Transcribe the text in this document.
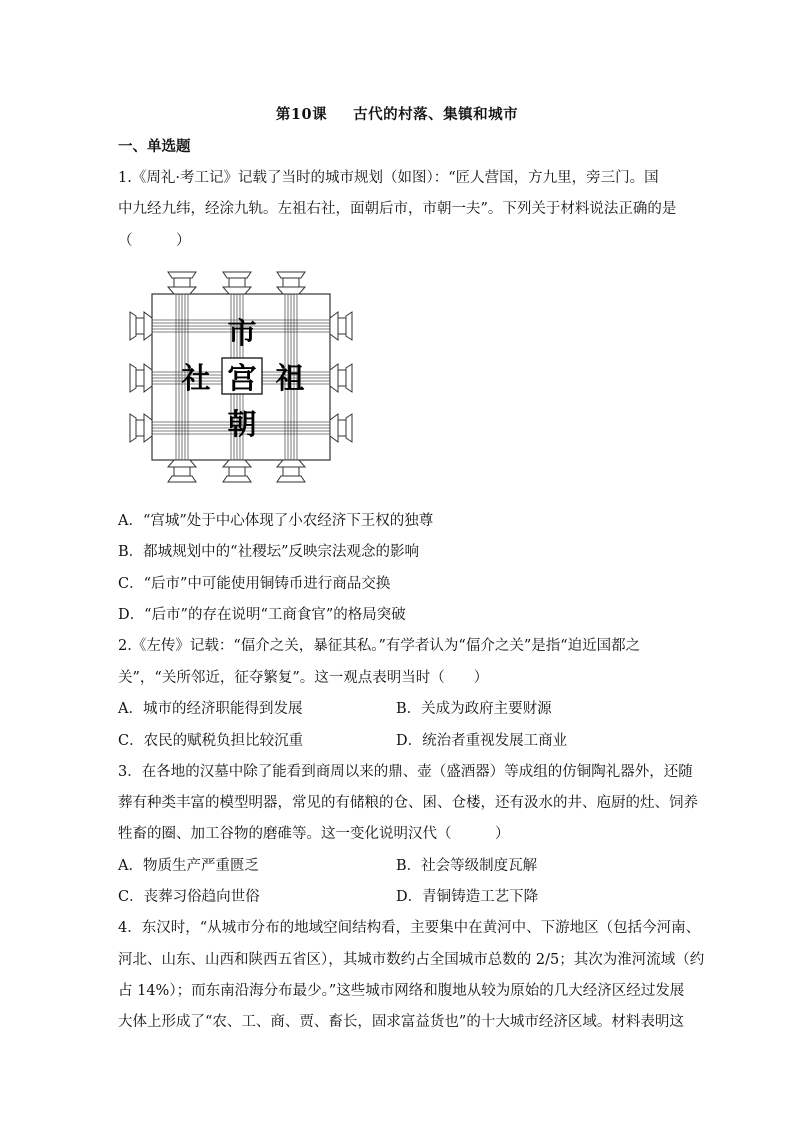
第10课 古代的村落、集镇和城市
一、单选题
1.《周礼·考工记》记载了当时的城市规划（如图）：“匠人营国，方九里，旁三门。国
中九经九纬，经涂九轨。左祖右社，面朝后市，市朝一夫”。下列关于材料说法正确的是
（　　　）
市
社 宫 祖
朝
A．“宫城”处于中心体现了小农经济下王权的独尊
B．都城规划中的“社稷坛”反映宗法观念的影响
C．“后市”中可能使用铜铸币进行商品交换
D．“后市”的存在说明“工商食官”的格局突破
2.《左传》记载：“偪介之关，暴征其私。”有学者认为“偪介之关”是指“迫近国都之
关”，“关所邻近，征夺繁复”。这一观点表明当时（　　）
A．城市的经济职能得到发展	B．关成为政府主要财源
C．农民的赋税负担比较沉重	D．统治者重视发展工商业
3．在各地的汉墓中除了能看到商周以来的鼎、壶（盛酒器）等成组的仿铜陶礼器外，还随
葬有种类丰富的模型明器，常见的有储粮的仓、囷、仓楼，还有汲水的井、庖厨的灶、饲养
牲畜的圈、加工谷物的磨碓等。这一变化说明汉代（　　　）
A．物质生产严重匮乏	B．社会等级制度瓦解
C．丧葬习俗趋向世俗	D．青铜铸造工艺下降
4．东汉时，“从城市分布的地域空间结构看，主要集中在黄河中、下游地区（包括今河南、
河北、山东、山西和陕西五省区），其城市数约占全国城市总数的 2/5；其次为淮河流域（约
占 14%）；而东南沿海分布最少。”这些城市网络和腹地从较为原始的几大经济区经过发展
大体上形成了“农、工、商、贾、畜长，固求富益货也”的十大城市经济区域。材料表明这
